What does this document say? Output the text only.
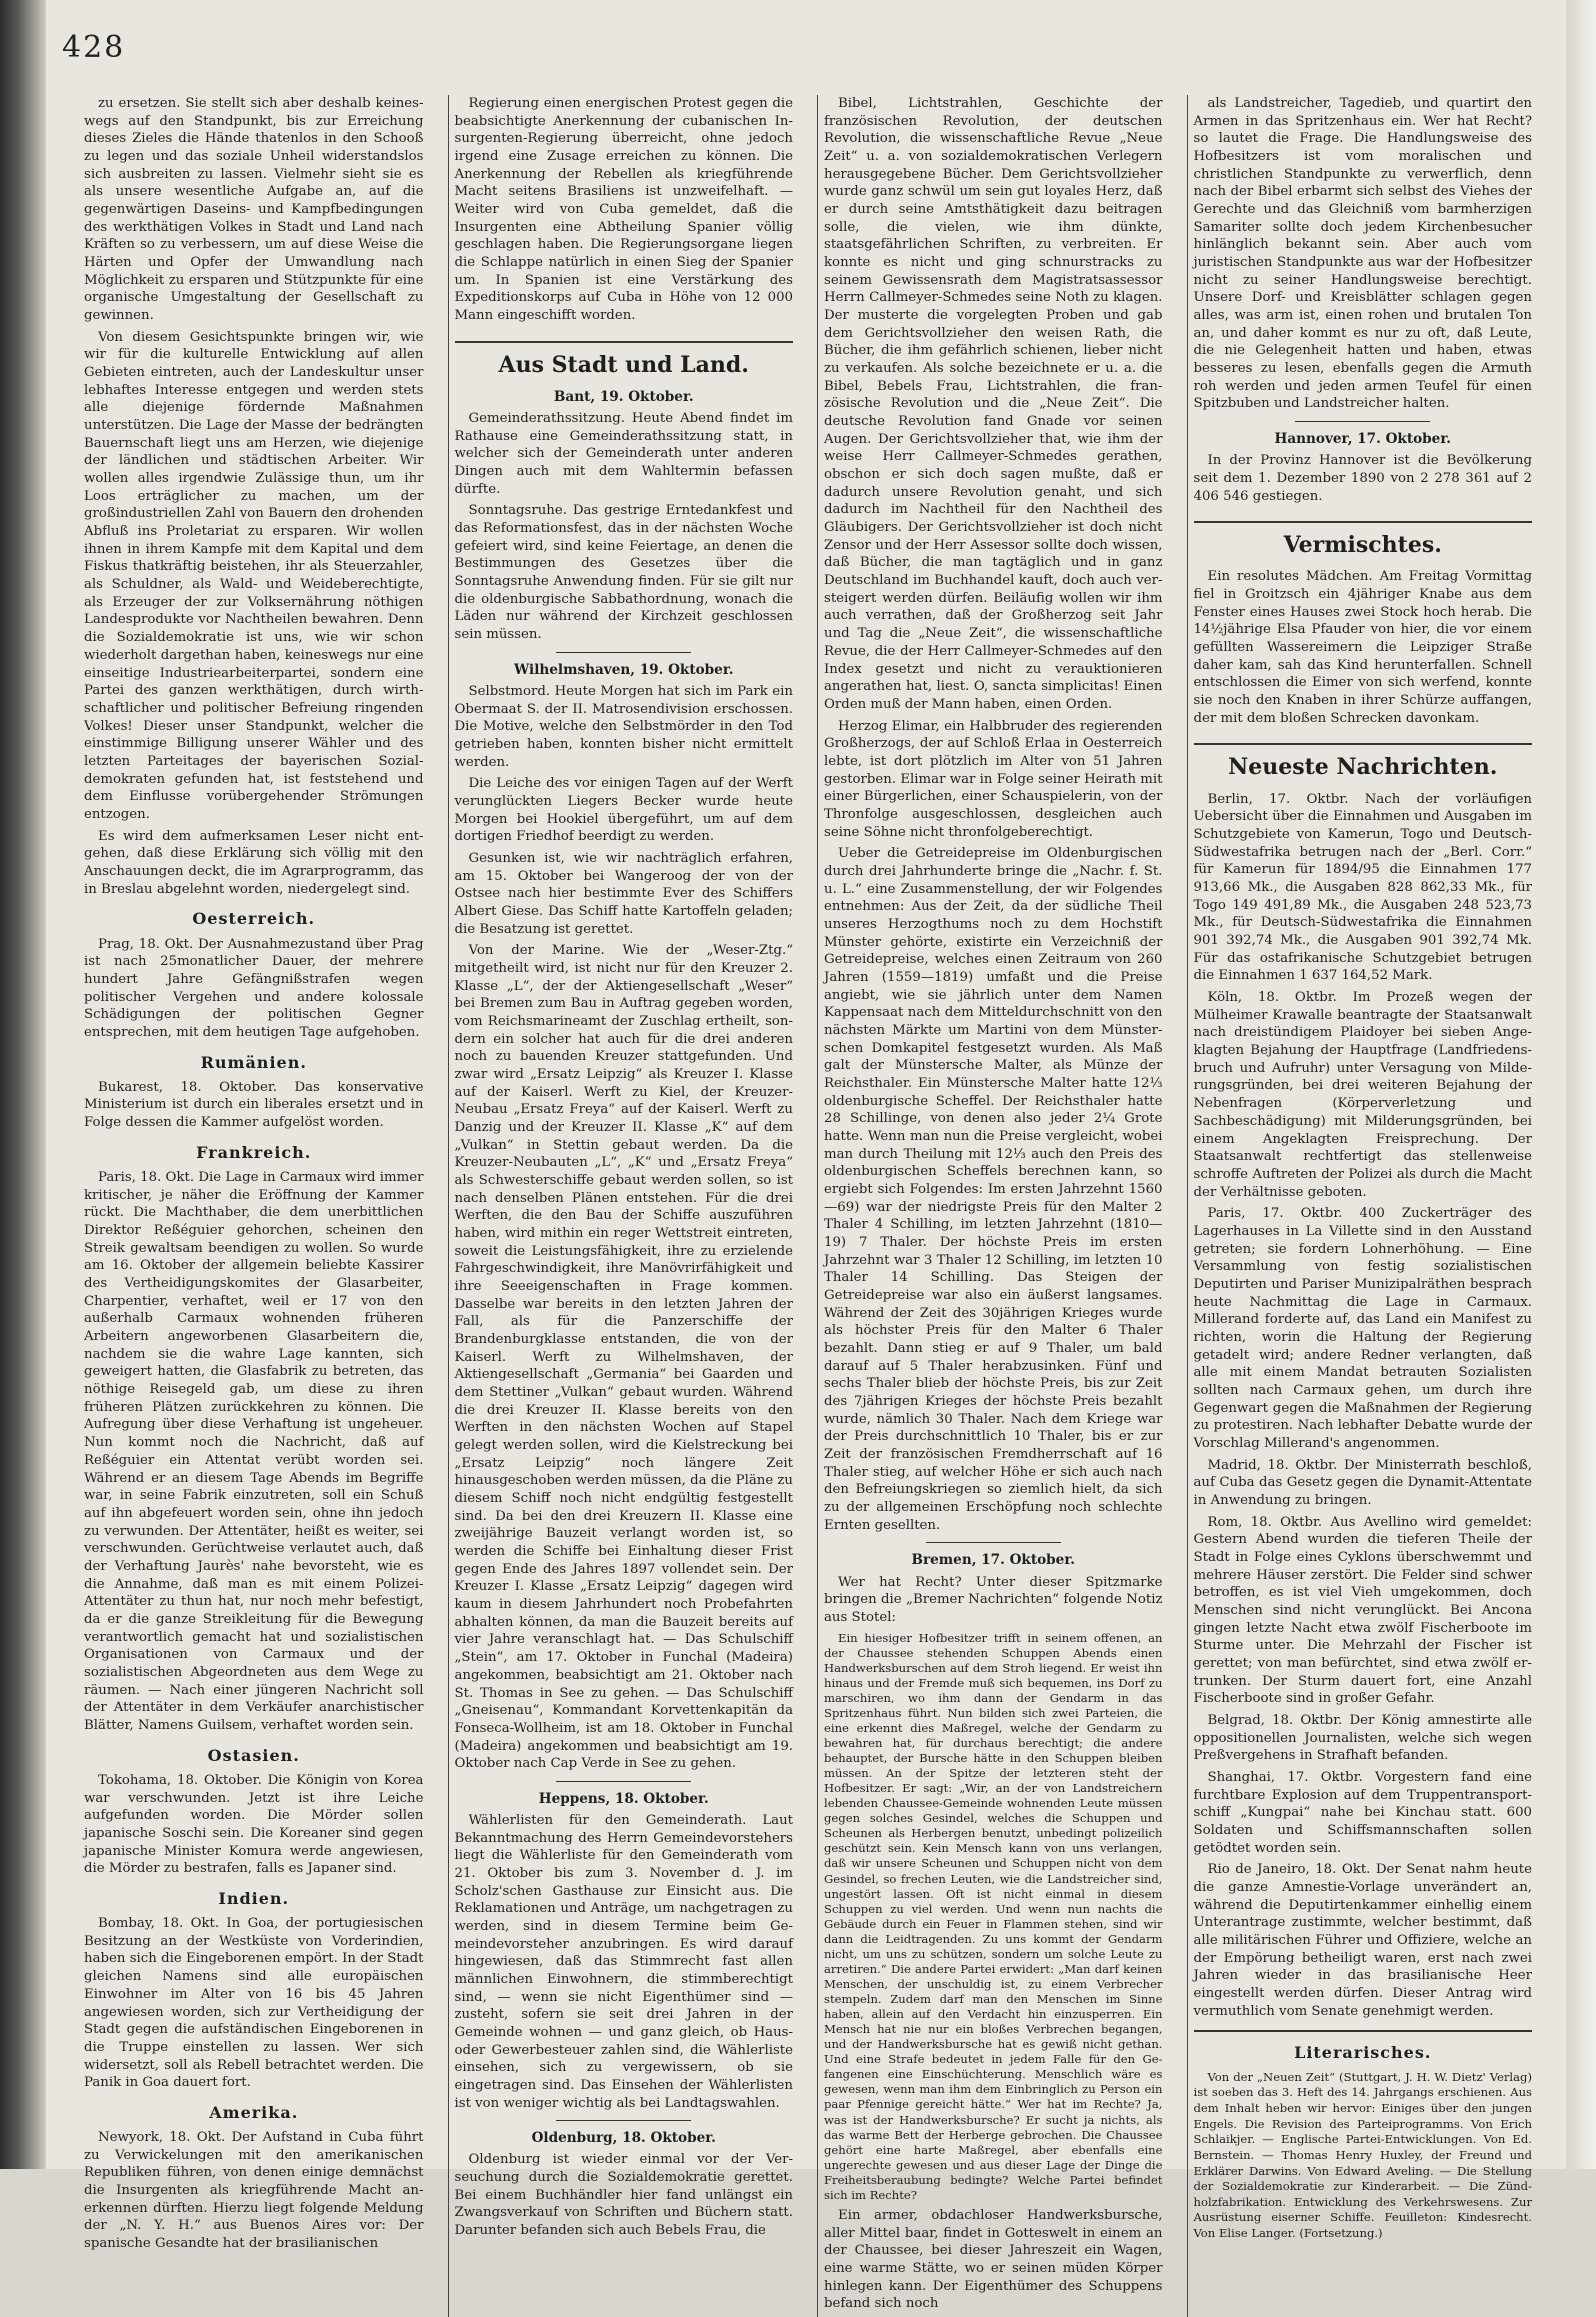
428

zu ersetzen. Sie stellt sich aber deshalb keineswegs auf den Standpunkt, bis zur Erreichung dieses Zieles die Hände thatenlos in den Schooß zu legen und das soziale Unheil widerstandslos sich ausbreiten zu lassen. Vielmehr sieht sie es als unsere wesentliche Aufgabe an, auf die gegenwärtigen Daseins- und Kampfbedingungen des werkthätigen Volkes in Stadt und Land nach Kräften so zu verbessern, um auf diese Weise die Härten und Opfer der Umwandlung nach Möglichkeit zu ersparen und Stützpunkte für eine organische Umgestaltung der Gesellschaft zu gewinnen.

Von diesem Gesichtspunkte bringen wir, wie wir für die kulturelle Entwicklung auf allen Gebieten eintreten, auch der Landeskultur unser lebhaftes Interesse entgegen und werden stets alle diejenige fördernde Maßnahmen unterstützen. Die Lage der Masse der bedrängten Bauernschaft liegt uns am Herzen, wie diejenige der ländlichen und städtischen Arbeiter. Wir wollen alles irgendwie Zulässige thun, um ihr Loos erträglicher zu machen, um der großindustriellen Zahl von Bauern den drohenden Abfluß ins Proletariat zu ersparen. Wir wollen ihnen in ihrem Kampfe mit dem Kapital und dem Fiskus thatkräftig beistehen, ihr als Steuerzahler, als Schuldner, als Wald- und Weideberechtigte, als Erzeuger der zur Volksernährung nöthigen Landesprodukte vor Nachtheilen bewahren. Denn die Sozialdemokratie ist uns, wie wir schon wiederholt dargethan haben, keineswegs nur eine einseitige Industriearbeiterpartei, sondern eine Partei des ganzen werkthätigen, durch wirthschaftlicher und politischer Befreiung ringenden Volkes! Dieser unser Standpunkt, welcher die einstimmige Billigung unserer Wähler und des letzten Parteitages der bayerischen Sozialdemokraten gefunden hat, ist feststehend und dem Einflusse vorübergehender Strömungen entzogen.

Es wird dem aufmerksamen Leser nicht entgehen, daß diese Erklärung sich völlig mit den Anschauungen deckt, die im Agrarprogramm, das in Breslau abgelehnt worden, niedergelegt sind.

Oesterreich.

Prag, 18. Okt. Der Ausnahmezustand über Prag ist nach 25monatlicher Dauer, der mehrere hundert Jahre Gefängnißstrafen wegen politischer Vergehen und andere kolossale Schädigungen der politischen Gegner entsprechen, mit dem heutigen Tage aufgehoben.

Rumänien.

Bukarest, 18. Oktober. Das konservative Ministerium ist durch ein liberales ersetzt und in Folge dessen die Kammer aufgelöst worden.

Frankreich.

Paris, 18. Okt. Die Lage in Carmaux wird immer kritischer, je näher die Eröffnung der Kammer rückt. Die Machthaber, die dem unerbittlichen Direktor Reßéguier gehorchen, scheinen den Streik gewaltsam beendigen zu wollen. So wurde am 16. Oktober der allgemein beliebte Kassirer des Vertheidigungskomites der Glasarbeiter, Charpentier, verhaftet, weil er 17 von den außerhalb Carmaux wohnenden früheren Arbeitern angeworbenen Glasarbeitern die, nachdem sie die wahre Lage kannten, sich geweigert hatten, die Glasfabrik zu betreten, das nöthige Reisegeld gab, um diese zu ihren früheren Plätzen zurückkehren zu können. Die Aufregung über diese Verhaftung ist ungeheuer. Nun kommt noch die Nachricht, daß auf Reßéguier ein Attentat verübt worden sei. Während er an diesem Tage Abends im Begriffe war, in seine Fabrik einzutreten, soll ein Schuß auf ihn abgefeuert worden sein, ohne ihn jedoch zu verwunden. Der Attentäter, heißt es weiter, sei verschwunden. Gerüchtweise verlautet auch, daß der Verhaftung Jaurès' nahe bevorsteht, wie es die Annahme, daß man es mit einem Polizei-Attentäter zu thun hat, nur noch mehr befestigt, da er die ganze Streikleitung für die Bewegung verantwortlich gemacht hat und sozialistischen Organisationen von Carmaux und der sozialistischen Abgeordneten aus dem Wege zu räumen. — Nach einer jüngeren Nachricht soll der Attentäter in dem Verkäufer anarchistischer Blätter, Namens Guilsem, verhaftet worden sein.

Ostasien.

Tokohama, 18. Oktober. Die Königin von Korea war verschwunden. Jetzt ist ihre Leiche aufgefunden worden. Die Mörder sollen japanische Soschi sein. Die Koreaner sind gegen japanische Minister Komura werde angewiesen, die Mörder zu bestrafen, falls es Japaner sind.

Indien.

Bombay, 18. Okt. In Goa, der portugiesischen Besitzung an der Westküste von Vorderindien, haben sich die Eingeborenen empört. In der Stadt gleichen Namens sind alle europäischen Einwohner im Alter von 16 bis 45 Jahren angewiesen worden, sich zur Vertheidigung der Stadt gegen die aufständischen Eingeborenen in die Truppe einstellen zu lassen. Wer sich widersetzt, soll als Rebell betrachtet werden. Die Panik in Goa dauert fort.

Amerika.

Newyork, 18. Okt. Der Aufstand in Cuba führt zu Verwickelungen mit den amerikanischen Republiken führen, von denen einige demnächst die Insurgenten als kriegführende Macht anerkennen dürften. Hierzu liegt folgende Meldung der „N. Y. H.“ aus Buenos Aires vor: Der spanische Gesandte hat der brasilianischen

Regierung einen energischen Protest gegen die beabsichtigte Anerkennung der cubanischen Insurgenten-Regierung überreicht, ohne jedoch irgend eine Zusage erreichen zu können. Die Anerkennung der Rebellen als kriegführende Macht seitens Brasiliens ist unzweifelhaft. — Weiter wird von Cuba gemeldet, daß die Insurgenten eine Abtheilung Spanier völlig geschlagen haben. Die Regierungsorgane liegen die Schlappe natürlich in einen Sieg der Spanier um. In Spanien ist eine Verstärkung des Expeditionskorps auf Cuba in Höhe von 12 000 Mann eingeschifft worden.

Aus Stadt und Land.
Bant, 19. Oktober.

Gemeinderathssitzung. Heute Abend findet im Rathause eine Gemeinderathssitzung statt, in welcher sich der Gemeinderath unter anderen Dingen auch mit dem Wahltermin befassen dürfte.

Sonntagsruhe. Das gestrige Erntedankfest und das Reformationsfest, das in der nächsten Woche gefeiert wird, sind keine Feiertage, an denen die Bestimmungen des Gesetzes über die Sonntagsruhe Anwendung finden. Für sie gilt nur die oldenburgische Sabbathordnung, wonach die Läden nur während der Kirchzeit geschlossen sein müssen.

Wilhelmshaven, 19. Oktober.

Selbstmord. Heute Morgen hat sich im Park ein Obermaat S. der II. Matrosendivision erschossen. Die Motive, welche den Selbstmörder in den Tod getrieben haben, konnten bisher nicht ermittelt werden.

Die Leiche des vor einigen Tagen auf der Werft verunglückten Liegers Becker wurde heute Morgen bei Hookiel übergeführt, um auf dem dortigen Friedhof beerdigt zu werden.

Gesunken ist, wie wir nachträglich erfahren, am 15. Oktober bei Wangeroog der von der Ostsee nach hier bestimmte Ever des Schiffers Albert Giese. Das Schiff hatte Kartoffeln geladen; die Besatzung ist gerettet.

Von der Marine. Wie der „Weser-Ztg.“ mitgetheilt wird, ist nicht nur für den Kreuzer 2. Klasse „L“, der der Aktiengesellschaft „Weser“ bei Bremen zum Bau in Auftrag gegeben worden, vom Reichsmarineamt der Zuschlag ertheilt, sondern ein solcher hat auch für die drei anderen noch zu bauenden Kreuzer stattgefunden. Und zwar wird „Ersatz Leipzig“ als Kreuzer I. Klasse auf der Kaiserl. Werft zu Kiel, der Kreuzer-Neubau „Ersatz Freya“ auf der Kaiserl. Werft zu Danzig und der Kreuzer II. Klasse „K“ auf dem „Vulkan“ in Stettin gebaut werden. Da die Kreuzer-Neubauten „L“, „K“ und „Ersatz Freya“ als Schwesterschiffe gebaut werden sollen, so ist nach denselben Plänen entstehen. Für die drei Werften, die den Bau der Schiffe auszuführen haben, wird mithin ein reger Wettstreit eintreten, soweit die Leistungsfähigkeit, ihre zu erzielende Fahrgeschwindigkeit, ihre Manövrirfähigkeit und ihre Seeeigenschaften in Frage kommen. Dasselbe war bereits in den letzten Jahren der Fall, als für die Panzerschiffe der Brandenburgklasse entstanden, die von der Kaiserl. Werft zu Wilhelmshaven, der Aktiengesellschaft „Germania“ bei Gaarden und dem Stettiner „Vulkan“ gebaut wurden. Während die drei Kreuzer II. Klasse bereits von den Werften in den nächsten Wochen auf Stapel gelegt werden sollen, wird die Kielstreckung bei „Ersatz Leipzig“ noch längere Zeit hinausgeschoben werden müssen, da die Pläne zu diesem Schiff noch nicht endgültig festgestellt sind. Da bei den drei Kreuzern II. Klasse eine zweijährige Bauzeit verlangt worden ist, so werden die Schiffe bei Einhaltung dieser Frist gegen Ende des Jahres 1897 vollendet sein. Der Kreuzer I. Klasse „Ersatz Leipzig“ dagegen wird kaum in diesem Jahrhundert noch Probefahrten abhalten können, da man die Bauzeit bereits auf vier Jahre veranschlagt hat. — Das Schulschiff „Stein“, am 17. Oktober in Funchal (Madeira) angekommen, beabsichtigt am 21. Oktober nach St. Thomas in See zu gehen. — Das Schulschiff „Gneisenau“, Kommandant Korvettenkapitän da Fonseca-Wollheim, ist am 18. Oktober in Funchal (Madeira) angekommen und beabsichtigt am 19. Oktober nach Cap Verde in See zu gehen.

Heppens, 18. Oktober.

Wählerlisten für den Gemeinderath. Laut Bekanntmachung des Herrn Gemeindevorstehers liegt die Wählerliste für den Gemeinderath vom 21. Oktober bis zum 3. November d. J. im Scholz'schen Gasthause zur Einsicht aus. Die Reklamationen und Anträge, um nachgetragen zu werden, sind in diesem Termine beim Gemeindevorsteher anzubringen. Es wird darauf hingewiesen, daß das Stimmrecht fast allen männlichen Einwohnern, die stimmberechtigt sind, — wenn sie nicht Eigenthümer sind — zusteht, sofern sie seit drei Jahren in der Gemeinde wohnen — und ganz gleich, ob Haus- oder Gewerbesteuer zahlen sind, die Wählerliste einsehen, sich zu vergewissern, ob sie eingetragen sind. Das Einsehen der Wählerlisten ist von weniger wichtig als bei Landtagswahlen.

Oldenburg, 18. Oktober.

Oldenburg ist wieder einmal vor der Verseuchung durch die Sozialdemokratie gerettet. Bei einem Buchhändler hier fand unlängst ein Zwangsverkauf von Schriften und Büchern statt. Darunter befanden sich auch Bebels Frau, die

Bibel, Lichtstrahlen, Geschichte der französischen Revolution, der deutschen Revolution, die wissenschaftliche Revue „Neue Zeit“ u. a. von sozialdemokratischen Verlegern herausgegebene Bücher. Dem Gerichtsvollzieher wurde ganz schwül um sein gut loyales Herz, daß er durch seine Amtsthätigkeit dazu beitragen solle, die vielen, wie ihm dünkte, staatsgefährlichen Schriften, zu verbreiten. Er konnte es nicht und ging schnurstracks zu seinem Gewissensrath dem Magistratsassessor Herrn Callmeyer-Schmedes seine Noth zu klagen. Der musterte die vorgelegten Proben und gab dem Gerichtsvollzieher den weisen Rath, die Bücher, die ihm gefährlich schienen, lieber nicht zu verkaufen. Als solche bezeichnete er u. a. die Bibel, Bebels Frau, Lichtstrahlen, die französische Revolution und die „Neue Zeit“. Die deutsche Revolution fand Gnade vor seinen Augen. Der Gerichtsvollzieher that, wie ihm der weise Herr Callmeyer-Schmedes gerathen, obschon er sich doch sagen mußte, daß er dadurch unsere Revolution genaht, und sich dadurch im Nachtheil für den Nachtheil des Gläubigers. Der Gerichtsvollzieher ist doch nicht Zensor und der Herr Assessor sollte doch wissen, daß Bücher, die man tagtäglich und in ganz Deutschland im Buchhandel kauft, doch auch versteigert werden dürfen. Beiläufig wollen wir ihm auch verrathen, daß der Großherzog seit Jahr und Tag die „Neue Zeit“, die wissenschaftliche Revue, die der Herr Callmeyer-Schmedes auf den Index gesetzt und nicht zu verauktionieren angerathen hat, liest. O, sancta simplicitas! Einen Orden muß der Mann haben, einen Orden.

Herzog Elimar, ein Halbbruder des regierenden Großherzogs, der auf Schloß Erlaa in Oesterreich lebte, ist dort plötzlich im Alter von 51 Jahren gestorben. Elimar war in Folge seiner Heirath mit einer Bürgerlichen, einer Schauspielerin, von der Thronfolge ausgeschlossen, desgleichen auch seine Söhne nicht thronfolgeberechtigt.

Ueber die Getreidepreise im Oldenburgischen durch drei Jahrhunderte bringe die „Nachr. f. St. u. L.“ eine Zusammenstellung, der wir Folgendes entnehmen: Aus der Zeit, da der südliche Theil unseres Herzogthums noch zu dem Hochstift Münster gehörte, existirte ein Verzeichniß der Getreidepreise, welches einen Zeitraum von 260 Jahren (1559—1819) umfaßt und die Preise angiebt, wie sie jährlich unter dem Namen Kappensaat nach dem Mitteldurchschnitt von den nächsten Märkte um Martini von dem Münsterschen Domkapitel festgesetzt wurden. Als Maß galt der Münstersche Malter, als Münze der Reichsthaler. Ein Münstersche Malter hatte 12⅓ oldenburgische Scheffel. Der Reichsthaler hatte 28 Schillinge, von denen also jeder 2¼ Grote hatte. Wenn man nun die Preise vergleicht, wobei man durch Theilung mit 12⅓ auch den Preis des oldenburgischen Scheffels berechnen kann, so ergiebt sich Folgendes: Im ersten Jahrzehnt 1560—69) war der niedrigste Preis für den Malter 2 Thaler 4 Schilling, im letzten Jahrzehnt (1810—19) 7 Thaler. Der höchste Preis im ersten Jahrzehnt war 3 Thaler 12 Schilling, im letzten 10 Thaler 14 Schilling. Das Steigen der Getreidepreise war also ein äußerst langsames. Während der Zeit des 30jährigen Krieges wurde als höchster Preis für den Malter 6 Thaler bezahlt. Dann stieg er auf 9 Thaler, um bald darauf auf 5 Thaler herabzusinken. Fünf und sechs Thaler blieb der höchste Preis, bis zur Zeit des 7jährigen Krieges der höchste Preis bezahlt wurde, nämlich 30 Thaler. Nach dem Kriege war der Preis durchschnittlich 10 Thaler, bis er zur Zeit der französischen Fremdherrschaft auf 16 Thaler stieg, auf welcher Höhe er sich auch nach den Befreiungskriegen so ziemlich hielt, da sich zu der allgemeinen Erschöpfung noch schlechte Ernten gesellten.

Bremen, 17. Oktober.

Wer hat Recht? Unter dieser Spitzmarke bringen die „Bremer Nachrichten“ folgende Notiz aus Stotel:

Ein hiesiger Hofbesitzer trifft in seinem offenen, an der Chaussee stehenden Schuppen Abends einen Handwerksburschen auf dem Stroh liegend. Er weist ihn hinaus und der Fremde muß sich bequemen, ins Dorf zu marschiren, wo ihm dann der Gendarm in das Spritzenhaus führt. Nun bilden sich zwei Parteien, die eine erkennt dies Maßregel, welche der Gendarm zu bewahren hat, für durchaus berechtigt; die andere behauptet, der Bursche hätte in den Schuppen bleiben müssen. An der Spitze der letzteren steht der Hofbesitzer. Er sagt: „Wir, an der von Landstreichern lebenden Chaussee-Gemeinde wohnenden Leute müssen gegen solches Gesindel, welches die Schuppen und Scheunen als Herbergen benutzt, unbedingt polizeilich geschützt sein. Kein Mensch kann von uns verlangen, daß wir unsere Scheunen und Schuppen nicht von dem Gesindel, so frechen Leuten, wie die Landstreicher sind, ungestört lassen. Oft ist nicht einmal in diesem Schuppen zu viel werden. Und wenn nun nachts die Gebäude durch ein Feuer in Flammen stehen, sind wir dann die Leidtragenden. Zu uns kommt der Gendarm nicht, um uns zu schützen, sondern um solche Leute zu arretiren.“ Die andere Partei erwidert: „Man darf keinen Menschen, der unschuldig ist, zu einem Verbrecher stempeln. Zudem darf man den Menschen im Sinne haben, allein auf den Verdacht hin einzusperren. Ein Mensch hat nie nur ein bloßes Verbrechen begangen, und der Handwerksbursche hat es gewiß nicht gethan. Und eine Strafe bedeutet in jedem Falle für den Gefangenen eine Einschüchterung. Menschlich wäre es gewesen, wenn man ihm dem Einbringlich zu Person ein paar Pfennige gereicht hätte.“ Wer hat im Rechte? Ja, was ist der Handwerksbursche? Er sucht ja nichts, als das warme Bett der Herberge gebrochen. Die Chaussee gehört eine harte Maßregel, aber ebenfalls eine ungerechte gewesen und aus dieser Lage der Dinge die Freiheitsberaubung bedingte? Welche Partei befindet sich im Rechte?

Ein armer, obdachloser Handwerksbursche, aller Mittel baar, findet in Gotteswelt in einem an der Chaussee, bei dieser Jahreszeit ein Wagen, eine warme Stätte, wo er seinen müden Körper hinlegen kann. Der Eigenthümer des Schuppens befand sich noch

als Landstreicher, Tagedieb, und quartirt den Armen in das Spritzenhaus ein. Wer hat Recht? so lautet die Frage. Die Handlungsweise des Hofbesitzers ist vom moralischen und christlichen Standpunkte zu verwerflich, denn nach der Bibel erbarmt sich selbst des Viehes der Gerechte und das Gleichniß vom barmherzigen Samariter sollte doch jedem Kirchenbesucher hinlänglich bekannt sein. Aber auch vom juristischen Standpunkte aus war der Hofbesitzer nicht zu seiner Handlungsweise berechtigt. Unsere Dorf- und Kreisblätter schlagen gegen alles, was arm ist, einen rohen und brutalen Ton an, und daher kommt es nur zu oft, daß Leute, die nie Gelegenheit hatten und haben, etwas besseres zu lesen, ebenfalls gegen die Armuth roh werden und jeden armen Teufel für einen Spitzbuben und Landstreicher halten.

Hannover, 17. Oktober.

In der Provinz Hannover ist die Bevölkerung seit dem 1. Dezember 1890 von 2 278 361 auf 2 406 546 gestiegen.

Vermischtes.

Ein resolutes Mädchen. Am Freitag Vormittag fiel in Groitzsch ein 4jähriger Knabe aus dem Fenster eines Hauses zwei Stock hoch herab. Die 14½jährige Elsa Pfauder von hier, die vor einem gefüllten Wassereimern die Leipziger Straße daher kam, sah das Kind herunterfallen. Schnell entschlossen die Eimer von sich werfend, konnte sie noch den Knaben in ihrer Schürze auffangen, der mit dem bloßen Schrecken davonkam.

Neueste Nachrichten.

Berlin, 17. Oktbr. Nach der vorläufigen Uebersicht über die Einnahmen und Ausgaben im Schutzgebiete von Kamerun, Togo und Deutsch-Südwestafrika betrugen nach der „Berl. Corr.“ für Kamerun für 1894/95 die Einnahmen 177 913,66 Mk., die Ausgaben 828 862,33 Mk., für Togo 149 491,89 Mk., die Ausgaben 248 523,73 Mk., für Deutsch-Südwestafrika die Einnahmen 901 392,74 Mk., die Ausgaben 901 392,74 Mk. Für das ostafrikanische Schutzgebiet betrugen die Einnahmen 1 637 164,52 Mark.

Köln, 18. Oktbr. Im Prozeß wegen der Mülheimer Krawalle beantragte der Staatsanwalt nach dreistündigem Plaidoyer bei sieben Angeklagten Bejahung der Hauptfrage (Landfriedensbruch und Aufruhr) unter Versagung von Milderungsgründen, bei drei weiteren Bejahung der Nebenfragen (Körperverletzung und Sachbeschädigung) mit Milderungsgründen, bei einem Angeklagten Freisprechung. Der Staatsanwalt rechtfertigt das stellenweise schroffe Auftreten der Polizei als durch die Macht der Verhältnisse geboten.

Paris, 17. Oktbr. 400 Zuckerträger des Lagerhauses in La Villette sind in den Ausstand getreten; sie fordern Lohnerhöhung. — Eine Versammlung von festig sozialistischen Deputirten und Pariser Munizipalräthen besprach heute Nachmittag die Lage in Carmaux. Millerand forderte auf, das Land ein Manifest zu richten, worin die Haltung der Regierung getadelt wird; andere Redner verlangten, daß alle mit einem Mandat betrauten Sozialisten sollten nach Carmaux gehen, um durch ihre Gegenwart gegen die Maßnahmen der Regierung zu protestiren. Nach lebhafter Debatte wurde der Vorschlag Millerand's angenommen.

Madrid, 18. Oktbr. Der Ministerrath beschloß, auf Cuba das Gesetz gegen die Dynamit-Attentate in Anwendung zu bringen.

Rom, 18. Oktbr. Aus Avellino wird gemeldet: Gestern Abend wurden die tieferen Theile der Stadt in Folge eines Cyklons überschwemmt und mehrere Häuser zerstört. Die Felder sind schwer betroffen, es ist viel Vieh umgekommen, doch Menschen sind nicht verunglückt. Bei Ancona gingen letzte Nacht etwa zwölf Fischerboote im Sturme unter. Die Mehrzahl der Fischer ist gerettet; von man befürchtet, sind etwa zwölf ertrunken. Der Sturm dauert fort, eine Anzahl Fischerboote sind in großer Gefahr.

Belgrad, 18. Oktbr. Der König amnestirte alle oppositionellen Journalisten, welche sich wegen Preßvergehens in Strafhaft befanden.

Shanghai, 17. Oktbr. Vorgestern fand eine furchtbare Explosion auf dem Truppentransportschiff „Kungpai“ nahe bei Kinchau statt. 600 Soldaten und Schiffsmannschaften sollen getödtet worden sein.

Rio de Janeiro, 18. Okt. Der Senat nahm heute die ganze Amnestie-Vorlage unverändert an, während die Deputirtenkammer einhellig einem Unterantrage zustimmte, welcher bestimmt, daß alle militärischen Führer und Offiziere, welche an der Empörung betheiligt waren, erst nach zwei Jahren wieder in das brasilianische Heer eingestellt werden dürfen. Dieser Antrag wird vermuthlich vom Senate genehmigt werden.

Literarisches.

Von der „Neuen Zeit“ (Stuttgart, J. H. W. Dietz' Verlag) ist soeben das 3. Heft des 14. Jahrgangs erschienen. Aus dem Inhalt heben wir hervor: Einiges über den jungen Engels. Die Revision des Parteiprogramms. Von Erich Schlaikjer. — Englische Partei-Entwicklungen. Von Ed. Bernstein. — Thomas Henry Huxley, der Freund und Erklärer Darwins. Von Edward Aveling. — Die Stellung der Sozialdemokratie zur Kinderarbeit. — Die Zündholzfabrikation. Entwicklung des Verkehrswesens. Zur Ausrüstung eiserner Schiffe. Feuilleton: Kindesrecht. Von Elise Langer. (Fortsetzung.)
